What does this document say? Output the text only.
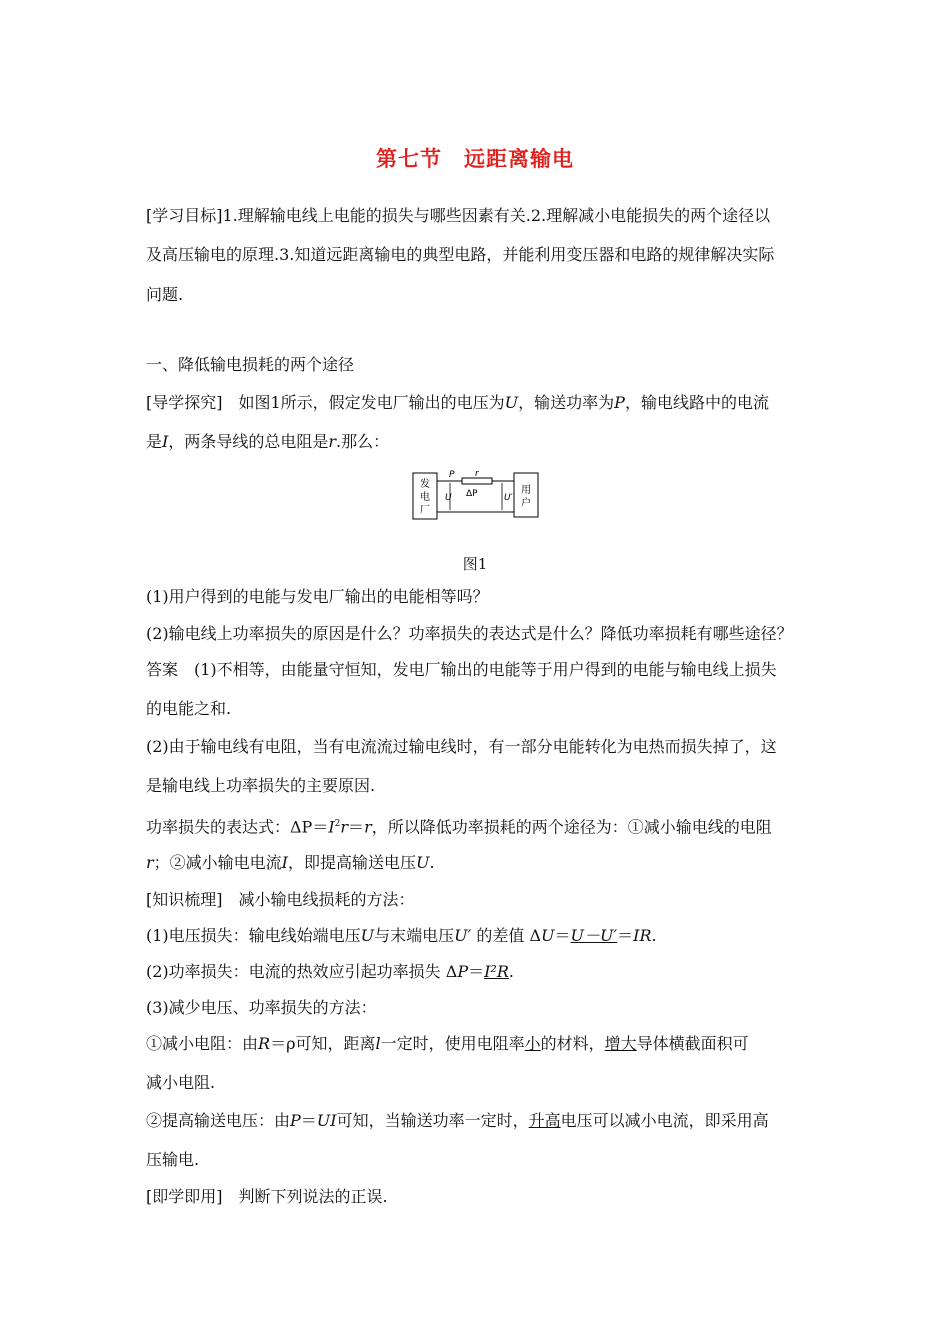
第七节 远距离输电
[学习目标]1.理解输电线上电能的损失与哪些因素有关.2.理解减小电能损失的两个途径以
及高压输电的原理.3.知道远距离输电的典型电路，并能利用变压器和电路的规律解决实际
问题.
一、降低输电损耗的两个途径
[导学探究]　如图1所示，假定发电厂输出的电压为U，输送功率为P，输电线路中的电流
是I，两条导线的总电阻是r.那么：
发
电
厂
用
户
P r
ΔP
U	U′
图1
(1)用户得到的电能与发电厂输出的电能相等吗？
(2)输电线上功率损失的原因是什么？功率损失的表达式是什么？降低功率损耗有哪些途径？
答案　(1)不相等，由能量守恒知，发电厂输出的电能等于用户得到的电能与输电线上损失
的电能之和.
(2)由于输电线有电阻，当有电流流过输电线时，有一部分电能转化为电热而损失掉了，这
是输电线上功率损失的主要原因.
功率损失的表达式：$\Delta P=I^2r=r$，所以降低功率损耗的两个途径为：①减小输电线的电阻
r；②减小输电电流I，即提高输送电压U.
[知识梳理]　减小输电线损耗的方法：
(1)电压损失：输电线始端电压U与末端电压U′ 的差值 ΔU＝U－U′＝IR.
(2)功率损失：电流的热效应引起功率损失 ΔP＝I²R.
(3)减少电压、功率损失的方法：
①减小电阻：由R＝ρ可知，距离l一定时，使用电阻率小的材料，增大导体横截面积可
减小电阻.
②提高输送电压：由P＝UI可知，当输送功率一定时，升高电压可以减小电流，即采用高
压输电.
[即学即用]　判断下列说法的正误.
